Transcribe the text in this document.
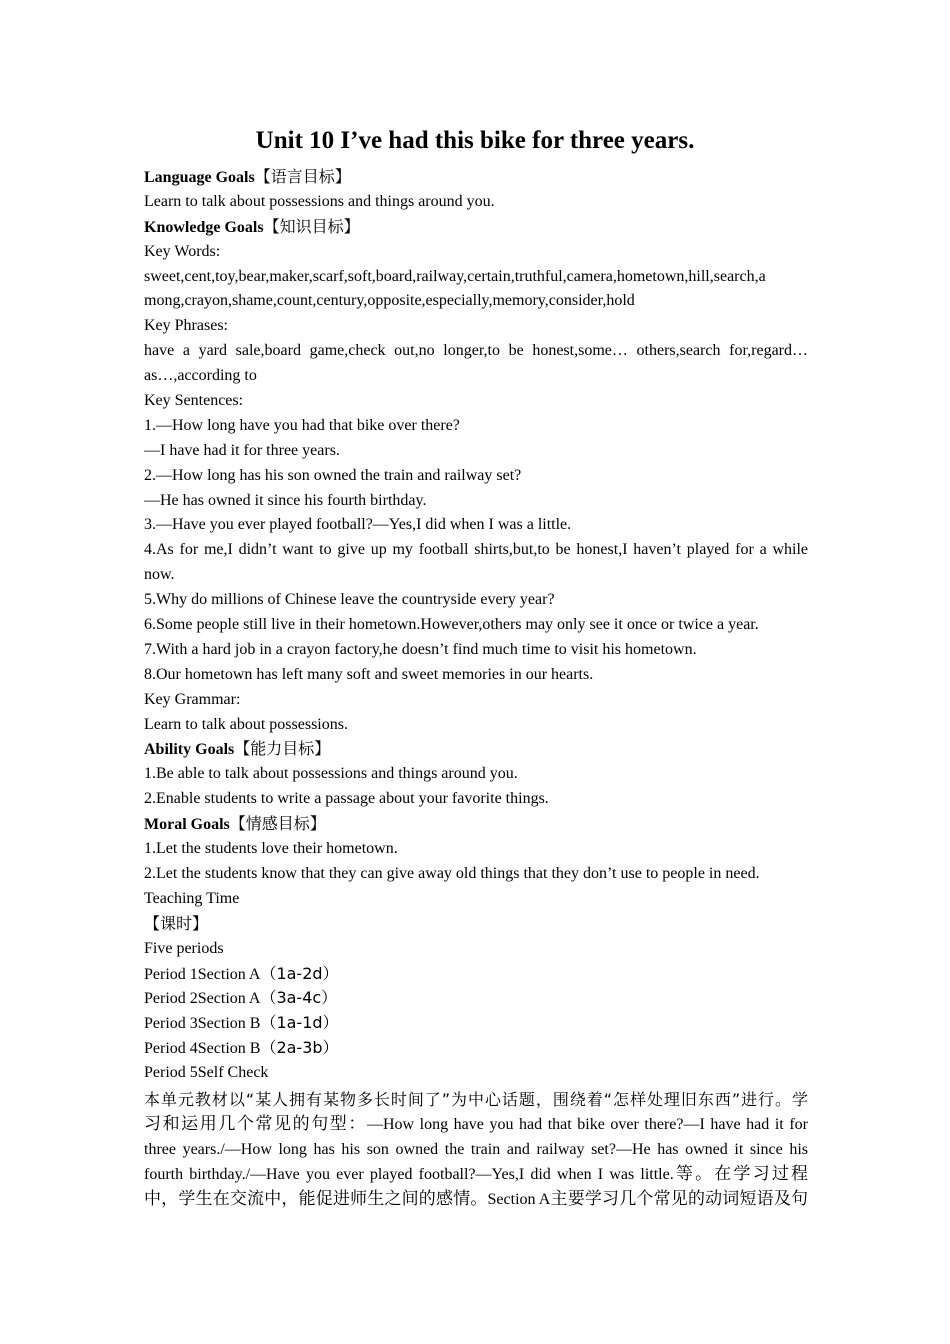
Unit 10 I’ve had this bike for three years.
Language Goals【语言目标】
Learn to talk about possessions and things around you.
Knowledge Goals【知识目标】
Key Words:
sweet,cent,toy,bear,maker,scarf,soft,board,railway,certain,truthful,camera,hometown,hill,search,a
mong,crayon,shame,count,century,opposite,especially,memory,consider,hold
Key Phrases:
have a yard sale,board game,check out,no longer,to be honest,some… others,search for,regard…
as…,according to
Key Sentences:
1.—How long have you had that bike over there?
—I have had it for three years.
2.—How long has his son owned the train and railway set?
—He has owned it since his fourth birthday.
3.—Have you ever played football?—Yes,I did when I was a little.
4.As for me,I didn’t want to give up my football shirts,but,to be honest,I haven’t played for a while
now.
5.Why do millions of Chinese leave the countryside every year?
6.Some people still live in their hometown.However,others may only see it once or twice a year.
7.With a hard job in a crayon factory,he doesn’t find much time to visit his hometown.
8.Our hometown has left many soft and sweet memories in our hearts.
Key Grammar:
Learn to talk about possessions.
Ability Goals【能力目标】
1.Be able to talk about possessions and things around you.
2.Enable students to write a passage about your favorite things.
Moral Goals【情感目标】
1.Let the students love their hometown.
2.Let the students know that they can give away old things that they don’t use to people in need.
Teaching Time
【课时】
Five periods
Period 1Section A（1a-2d）
Period 2Section A（3a-4c）
Period 3Section B（1a-1d）
Period 4Section B（2a-3b）
Period 5Self Check
本单元教材以“某人拥有某物多长时间了”为中心话题，围绕着“怎样处理旧东西”进行。学
习和运用几个常见的句型：—How long have you had that bike over there?—I have had it for
three years./—How long has his son owned the train and railway set?—He has owned it since his
fourth birthday./—Have you ever played football?—Yes,I did when I was little.等。在学习过程
中，学生在交流中，能促进师生之间的感情。Section A主要学习几个常见的动词短语及句
